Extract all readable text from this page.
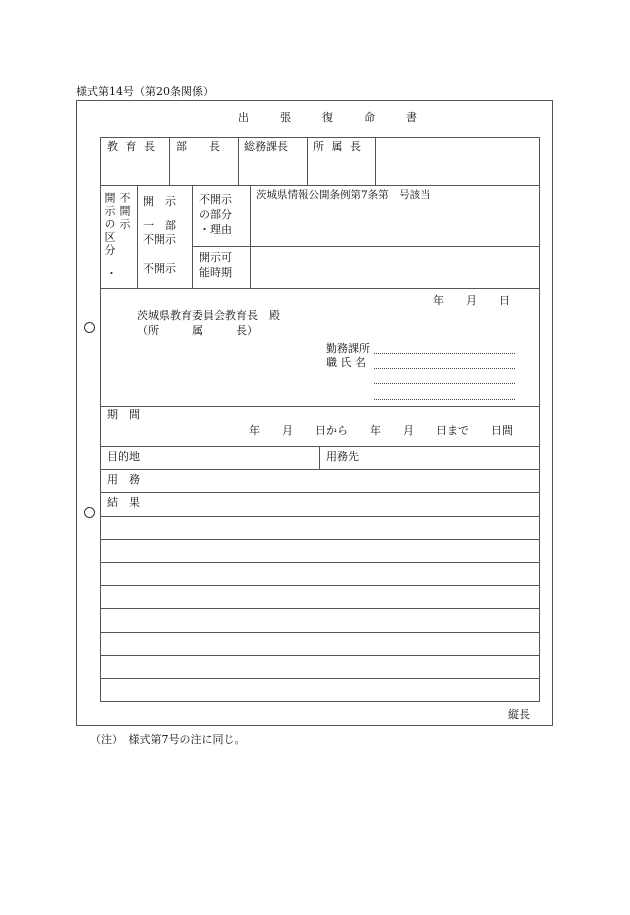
様式第14号（第20条関係）
出　張　復　命　書
教 育 長 部　　長 総務課長 所 属 長
開示の区分 不開示
・
開　示
一　部
不開示
不開示
不開示
の部分
・理由
茨城県情報公開条例第7条第　号該当
開示可
能時期
年　　月　　日
茨城県教育委員会教育長　殿
（所　　　属　　　長）
勤務課所
職 氏 名
期　間
年　　月　　日から　　年　　月　　日まで　　日間
目的地	用務先
用　務
結　果
縦長
（注）　様式第7号の注に同じ。
